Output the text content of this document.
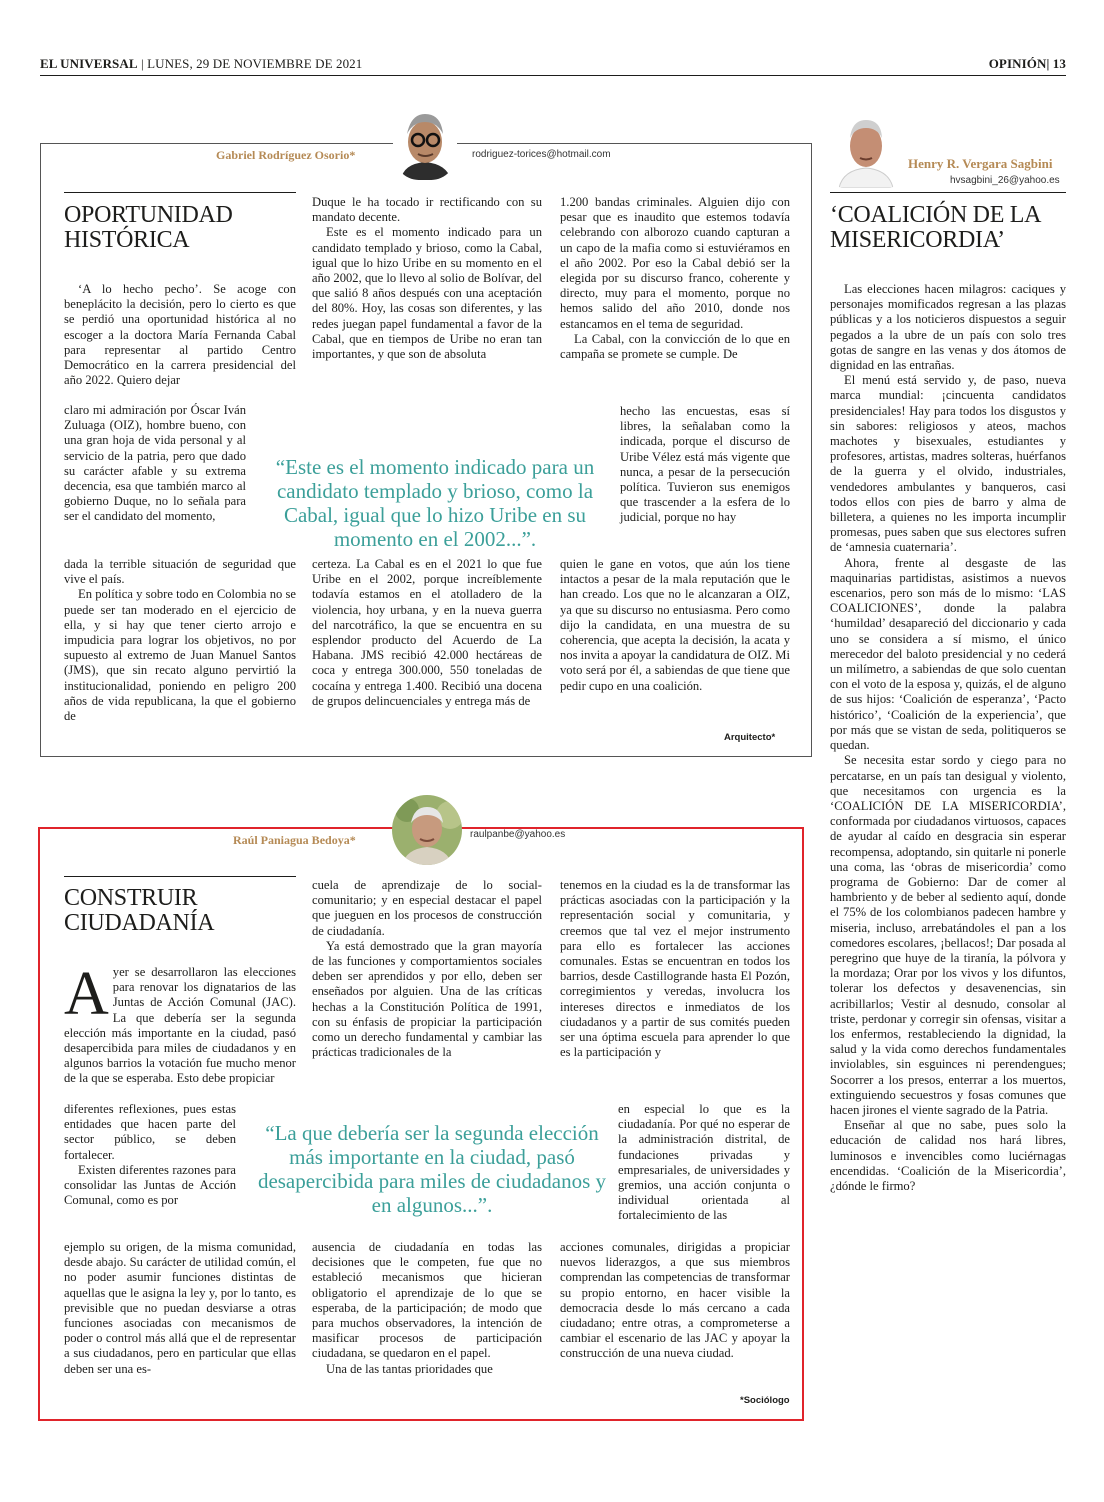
EL UNIVERSAL | LUNES, 29 DE NOVIEMBRE DE 2021	OPINIÓN| 13
Gabriel Rodríguez Osorio*	rodriguez-torices@hotmail.com
OPORTUNIDAD
HISTÓRICA

‘A lo hecho pecho’. Se acoge con beneplácito la decisión, pero lo cierto es que se perdió una oportunidad histórica al no escoger a la doctora María Fernanda Cabal para representar al partido Centro Democrático en la carrera presidencial del año 2022. Quiero dejar

claro mi admiración por Óscar Iván Zuluaga (OIZ), hombre bueno, con una gran hoja de vida personal y al servicio de la patria, pero que dado su carácter afable y su extrema decencia, esa que también marco al gobierno Duque, no lo señala para ser el candidato del momento,

dada la terrible situación de seguridad que vive el país.

En política y sobre todo en Colombia no se puede ser tan moderado en el ejercicio de ella, y si hay que tener cierto arrojo e impudicia para lograr los objetivos, no por supuesto al extremo de Juan Manuel Santos (JMS), que sin recato alguno pervirtió la institucionalidad, poniendo en peligro 200 años de vida republicana, la que el gobierno de

Duque le ha tocado ir rectificando con su mandato decente.

Este es el momento indicado para un candidato templado y brioso, como la Cabal, igual que lo hizo Uribe en su momento en el año 2002, que lo llevo al solio de Bolívar, del que salió 8 años después con una aceptación del 80%. Hoy, las cosas son diferentes, y las redes juegan papel fundamental a favor de la Cabal, que en tiempos de Uribe no eran tan importantes, y que son de absoluta

certeza. La Cabal es en el 2021 lo que fue Uribe en el 2002, porque increíblemente todavía estamos en el atolladero de la violencia, hoy urbana, y en la nueva guerra del narcotráfico, la que se encuentra en su esplendor producto del Acuerdo de La Habana. JMS recibió 42.000 hectáreas de coca y entrega 300.000, 550 toneladas de cocaína y entrega 1.400. Recibió una docena de grupos delincuenciales y entrega más de

1.200 bandas criminales. Alguien dijo con pesar que es inaudito que estemos todavía celebrando con alborozo cuando capturan a un capo de la mafia como si estuviéramos en el año 2002. Por eso la Cabal debió ser la elegida por su discurso franco, coherente y directo, muy para el momento, porque no hemos salido del año 2010, donde nos estancamos en el tema de seguridad.

La Cabal, con la convicción de lo que en campaña se promete se cumple. De

hecho las encuestas, esas sí libres, la señalaban como la indicada, porque el discurso de Uribe Vélez está más vigente que nunca, a pesar de la persecución política. Tuvieron sus enemigos que trascender a la esfera de lo judicial, porque no hay

quien le gane en votos, que aún los tiene intactos a pesar de la mala reputación que le han creado. Los que no le alcanzaran a OIZ, ya que su discurso no entusiasma. Pero como dijo la candidata, en una muestra de su coherencia, que acepta la decisión, la acata y nos invita a apoyar la candidatura de OIZ. Mi voto será por él, a sabiendas de que tiene que pedir cupo en una coalición.

“Este es el momento indicado para un candidato templado y brioso, como la Cabal, igual que lo hizo Uribe en su momento en el 2002...”.
Arquitecto*
Raúl Paniagua Bedoya*	raulpanbe@yahoo.es
CONSTRUIR
CIUDADANÍA

Ayer se desarrollaron las elecciones para renovar los dignatarios de las Juntas de Acción Comunal (JAC). La que debería ser la segunda elección más importante en la ciudad, pasó desapercibida para miles de ciudadanos y en algunos barrios la votación fue mucho menor de la que se esperaba. Esto debe propiciar

diferentes reflexiones, pues estas entidades que hacen parte del sector público, se deben fortalecer.

Existen diferentes razones para consolidar las Juntas de Acción Comunal, como es por

ejemplo su origen, de la misma comunidad, desde abajo. Su carácter de utilidad común, el no poder asumir funciones distintas de aquellas que le asigna la ley y, por lo tanto, es previsible que no puedan desviarse a otras funciones asociadas con mecanismos de poder o control más allá que el de representar a sus ciudadanos, pero en particular que ellas deben ser una es-

cuela de aprendizaje de lo social-comunitario; y en especial destacar el papel que jueguen en los procesos de construcción de ciudadanía.

Ya está demostrado que la gran mayoría de las funciones y comportamientos sociales deben ser aprendidos y por ello, deben ser enseñados por alguien. Una de las críticas hechas a la Constitución Política de 1991, con su énfasis de propiciar la participación como un derecho fundamental y cambiar las prácticas tradicionales de la

ausencia de ciudadanía en todas las decisiones que le competen, fue que no estableció mecanismos que hicieran obligatorio el aprendizaje de lo que se esperaba, de la participación; de modo que para muchos observadores, la intención de masificar procesos de participación ciudadana, se quedaron en el papel.

Una de las tantas prioridades que

tenemos en la ciudad es la de transformar las prácticas asociadas con la participación y la representación social y comunitaria, y creemos que tal vez el mejor instrumento para ello es fortalecer las acciones comunales. Estas se encuentran en todos los barrios, desde Castillogrande hasta El Pozón, corregimientos y veredas, involucra los intereses directos e inmediatos de los ciudadanos y a partir de sus comités pueden ser una óptima escuela para aprender lo que es la participación y

en especial lo que es la ciudadanía. Por qué no esperar de la administración distrital, de fundaciones privadas y empresariales, de universidades y gremios, una acción conjunta o individual orientada al fortalecimiento de las

acciones comunales, dirigidas a propiciar nuevos liderazgos, a que sus miembros comprendan las competencias de transformar su propio entorno, en hacer visible la democracia desde lo más cercano a cada ciudadano; entre otras, a comprometerse a cambiar el escenario de las JAC y apoyar la construcción de una nueva ciudad.

“La que debería ser la segunda elección más importante en la ciudad, pasó desapercibida para miles de ciudadanos y en algunos...”.
*Sociólogo
Henry R. Vergara Sagbini
hvsagbini_26@yahoo.es
‘COALICIÓN DE LA
MISERICORDIA’

Las elecciones hacen milagros: caciques y personajes momificados regresan a las plazas públicas y a los noticieros dispuestos a seguir pegados a la ubre de un país con solo tres gotas de sangre en las venas y dos átomos de dignidad en las entrañas.

El menú está servido y, de paso, nueva marca mundial: ¡cincuenta candidatos presidenciales! Hay para todos los disgustos y sin sabores: religiosos y ateos, machos machotes y bisexuales, estudiantes y profesores, artistas, madres solteras, huérfanos de la guerra y el olvido, industriales, vendedores ambulantes y banqueros, casi todos ellos con pies de barro y alma de billetera, a quienes no les importa incumplir promesas, pues saben que sus electores sufren de ‘amnesia cuaternaria’.

Ahora, frente al desgaste de las maquinarias partidistas, asistimos a nuevos escenarios, pero son más de lo mismo: ‘LAS COALICIONES’, donde la palabra ‘humildad’ desapareció del diccionario y cada uno se considera a sí mismo, el único merecedor del baloto presidencial y no cederá un milímetro, a sabiendas de que solo cuentan con el voto de la esposa y, quizás, el de alguno de sus hijos: ‘Coalición de esperanza’, ‘Pacto histórico’, ‘Coalición de la experiencia’, que por más que se vistan de seda, politiqueros se quedan.

Se necesita estar sordo y ciego para no percatarse, en un país tan desigual y violento, que necesitamos con urgencia es la ‘COALICIÓN DE LA MISERICORDIA’, conformada por ciudadanos virtuosos, capaces de ayudar al caído en desgracia sin esperar recompensa, adoptando, sin quitarle ni ponerle una coma, las ‘obras de misericordia’ como programa de Gobierno: Dar de comer al hambriento y de beber al sediento aquí, donde el 75% de los colombianos padecen hambre y miseria, incluso, arrebatándoles el pan a los comedores escolares, ¡bellacos!; Dar posada al peregrino que huye de la tiranía, la pólvora y la mordaza; Orar por los vivos y los difuntos, tolerar los defectos y desavenencias, sin acribillarlos; Vestir al desnudo, consolar al triste, perdonar y corregir sin ofensas, visitar a los enfermos, restableciendo la dignidad, la salud y la vida como derechos fundamentales inviolables, sin esguinces ni perendengues; Socorrer a los presos, enterrar a los muertos, extinguiendo secuestros y fosas comunes que hacen jirones el viente sagrado de la Patria.

Enseñar al que no sabe, pues solo la educación de calidad nos hará libres, luminosos e invencibles como luciérnagas encendidas. ‘Coalición de la Misericordia’, ¿dónde le firmo?
